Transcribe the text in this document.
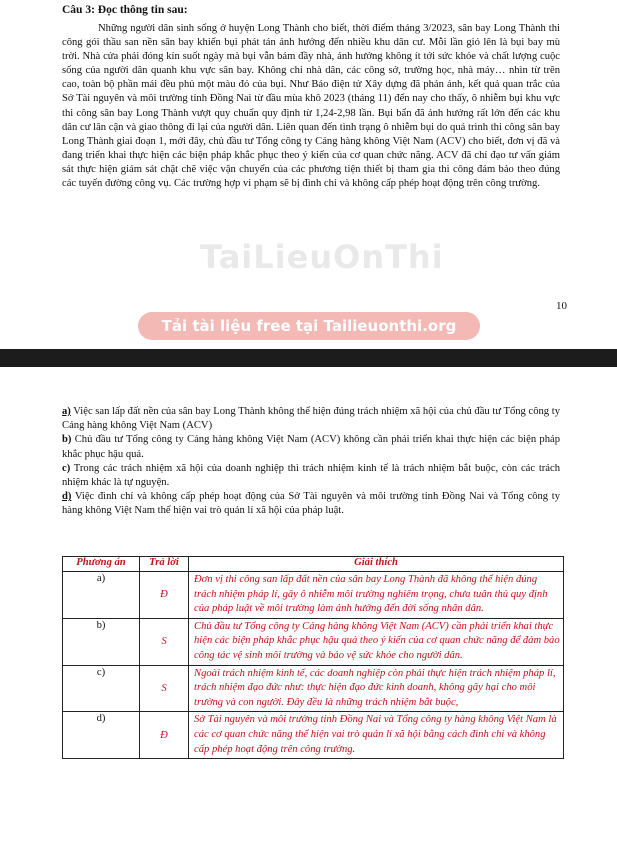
Câu 3: Đọc thông tin sau:
Những người dân sinh sống ở huyện Long Thành cho biết, thời điểm tháng 3/2023, sân bay Long Thành thi công gói thầu san nền sân bay khiến bụi phát tán ảnh hưởng đến nhiều khu dân cư. Mỗi lần gió lên là bụi bay mù trời. Nhà cửa phải đóng kín suốt ngày mà bụi vẫn bám đầy nhà, ảnh hưởng không ít tới sức khỏe và chất lượng cuộc sống của người dân quanh khu vực sân bay. Không chỉ nhà dân, các công sở, trường học, nhà máy… nhìn từ trên cao, toàn bộ phần mái đều phủ một màu đỏ của bụi. Như Báo điện tử Xây dựng đã phản ánh, kết quả quan trắc của Sở Tài nguyên và môi trường tỉnh Đồng Nai từ đầu mùa khô 2023 (tháng 11) đến nay cho thấy, ô nhiễm bụi khu vực thi công sân bay Long Thành vượt quy chuẩn quy định từ 1,24-2,98 lần. Bụi bẩn đã ảnh hưởng rất lớn đến các khu dân cư lân cận và giao thông đi lại của người dân. Liên quan đến tình trạng ô nhiễm bụi do quá trình thi công sân bay Long Thành giai đoạn 1, mới đây, chủ đầu tư Tổng công ty Cảng hàng không Việt Nam (ACV) cho biết, đơn vị đã và đang triển khai thực hiện các biện pháp khắc phục theo ý kiến của cơ quan chức năng. ACV đã chỉ đạo tư vấn giám sát thực hiện giám sát chặt chẽ việc vận chuyển của các phương tiện thiết bị tham gia thi công đảm bảo theo đúng các tuyến đường công vụ. Các trường hợp vi phạm sẽ bị đình chỉ và không cấp phép hoạt động trên công trường.
TaiLieuOnThi
10
Tải tài liệu free tại Tailieuonthi.org

a) Việc san lấp đất nền của sân bay Long Thành không thể hiện đúng trách nhiệm xã hội của chủ đầu tư Tổng công ty Cảng hàng không Việt Nam (ACV)

b) Chủ đầu tư Tổng công ty Cảng hàng không Việt Nam (ACV) không cần phải triển khai thực hiện các biện pháp khắc phục hậu quả.

c) Trong các trách nhiệm xã hội của doanh nghiệp thì trách nhiệm kinh tế là trách nhiệm bắt buộc, còn các trách nhiệm khác là tự nguyện.

d) Việc đình chỉ và không cấp phép hoạt động của Sở Tài nguyên và môi trường tỉnh Đồng Nai và Tổng công ty hàng không Việt Nam thể hiện vai trò quản lí xã hội của pháp luật.

Phương án	Trả lời	Giải thích
a)	Đ	Đơn vị thi công san lấp đất nền của sân bay Long Thành đã không thể hiện đúng trách nhiệm pháp lí, gây ô nhiễm môi trường nghiêm trọng, chưa tuân thủ quy định của pháp luật về môi trường làm ảnh hưởng đến đời sống nhân dân.
b)	S	Chủ đầu tư Tổng công ty Cảng hàng không Việt Nam (ACV) cần phải triển khai thực hiện các biện pháp khắc phục hậu quả theo ý kiến của cơ quan chức năng để đảm bảo công tác vệ sinh môi trường và bảo vệ sức khỏe cho người dân.
c)	S	Ngoài trách nhiệm kinh tế, các doanh nghiệp còn phải thực hiện trách nhiệm pháp lí, trách nhiệm đạo đức như: thực hiện đạo đức kinh doanh, không gây hại cho môi trường và con người. Đây đều là những trách nhiệm bắt buộc,
d)	Đ	Sở Tài nguyên và môi trường tỉnh Đồng Nai và Tổng công ty hàng không Việt Nam là các cơ quan chức năng thể hiện vai trò quản lí xã hội bằng cách đình chỉ và không cấp phép hoạt động trên công trường.
